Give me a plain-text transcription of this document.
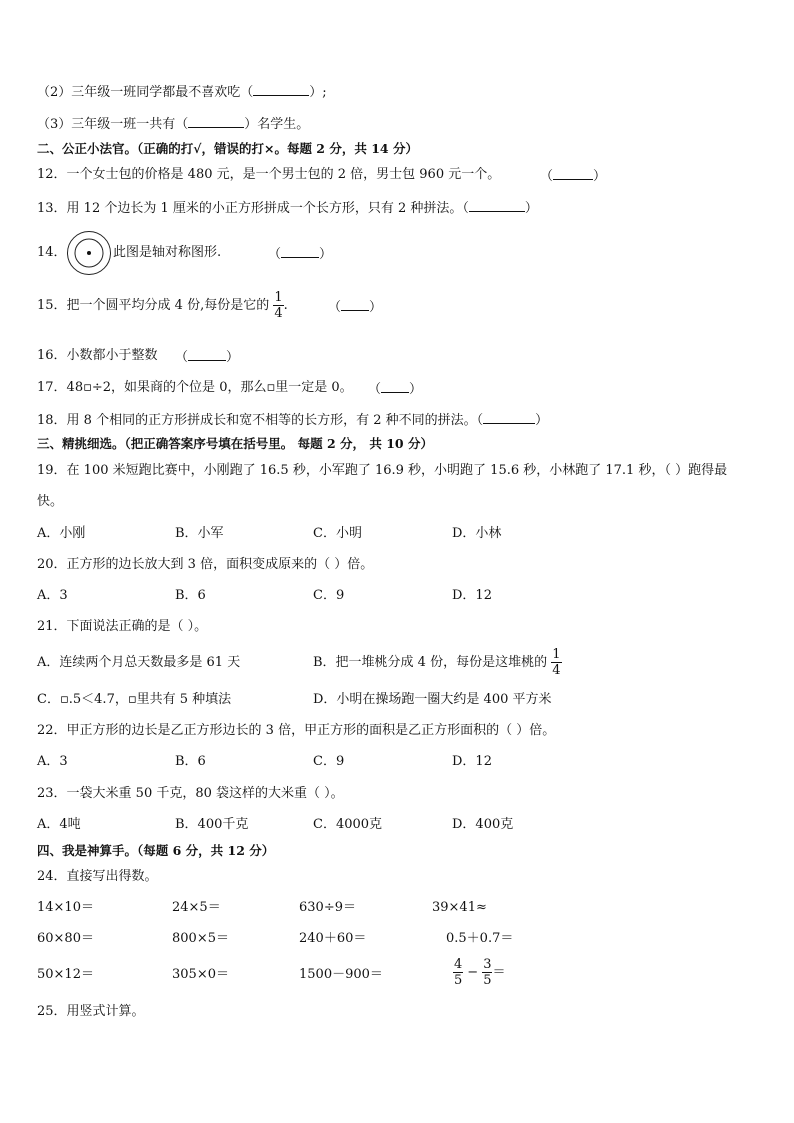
（2）三年级一班同学都最不喜欢吃（	）;
（3）三年级一班一共有（	）名学生。
二、公正小法官。（正确的打√，错误的打×。每题 2 分，共 14 分）
12．一个女士包的价格是 480 元，是一个男士包的 2 倍，男士包 960 元一个。	（	）
13．用 12 个边长为 1 厘米的小正方形拼成一个长方形，只有 2 种拼法。（	）
14．	此图是轴对称图形.	（	）
15．把一个圆平均分成 4 份,每份是它的 $\frac{1}{4}$ .	（ ）
16．小数都小于整数 （	）
17．48▫÷2，如果商的个位是 0，那么▫里一定是 0。 （ ）
18．用 8 个相同的正方形拼成长和宽不相等的长方形，有 2 种不同的拼法。（	）
三、精挑细选。（把正确答案序号填在括号里。 每题 2 分， 共 10 分）
19．在 100 米短跑比赛中，小刚跑了 16.5 秒，小军跑了 16.9 秒，小明跑了 15.6 秒，小林跑了 17.1 秒，（ ）跑得最
快。
A．小刚	B．小军	C．小明	D．小林
20．正方形的边长放大到 3 倍，面积变成原来的（ ）倍。
A．3	B．6	C．9	D．12
21．下面说法正确的是（ ）。
A．连续两个月总天数最多是 61 天	B．把一堆桃分成 4 份，每份是这堆桃的 $\frac{1}{4}$
C．▫.5＜4.7，▫里共有 5 种填法	D．小明在操场跑一圈大约是 400 平方米
22．甲正方形的边长是乙正方形边长的 3 倍，甲正方形的面积是乙正方形面积的（ ）倍。
A．3	B．6	C．9	D．12
23．一袋大米重 50 千克，80 袋这样的大米重（ ）。
A．4吨	B．400千克	C．4000克	D．400克
四、我是神算手。（每题 6 分，共 12 分）
24．直接写出得数。
14×10＝	24×5＝	630÷9＝	39×41≈
60×80＝	800×5＝	240＋60＝	0.5＋0.7＝
50×12＝	305×0＝	1500－900＝	$\frac{4}{5} - \frac{3}{5}$ ＝
25．用竖式计算。
